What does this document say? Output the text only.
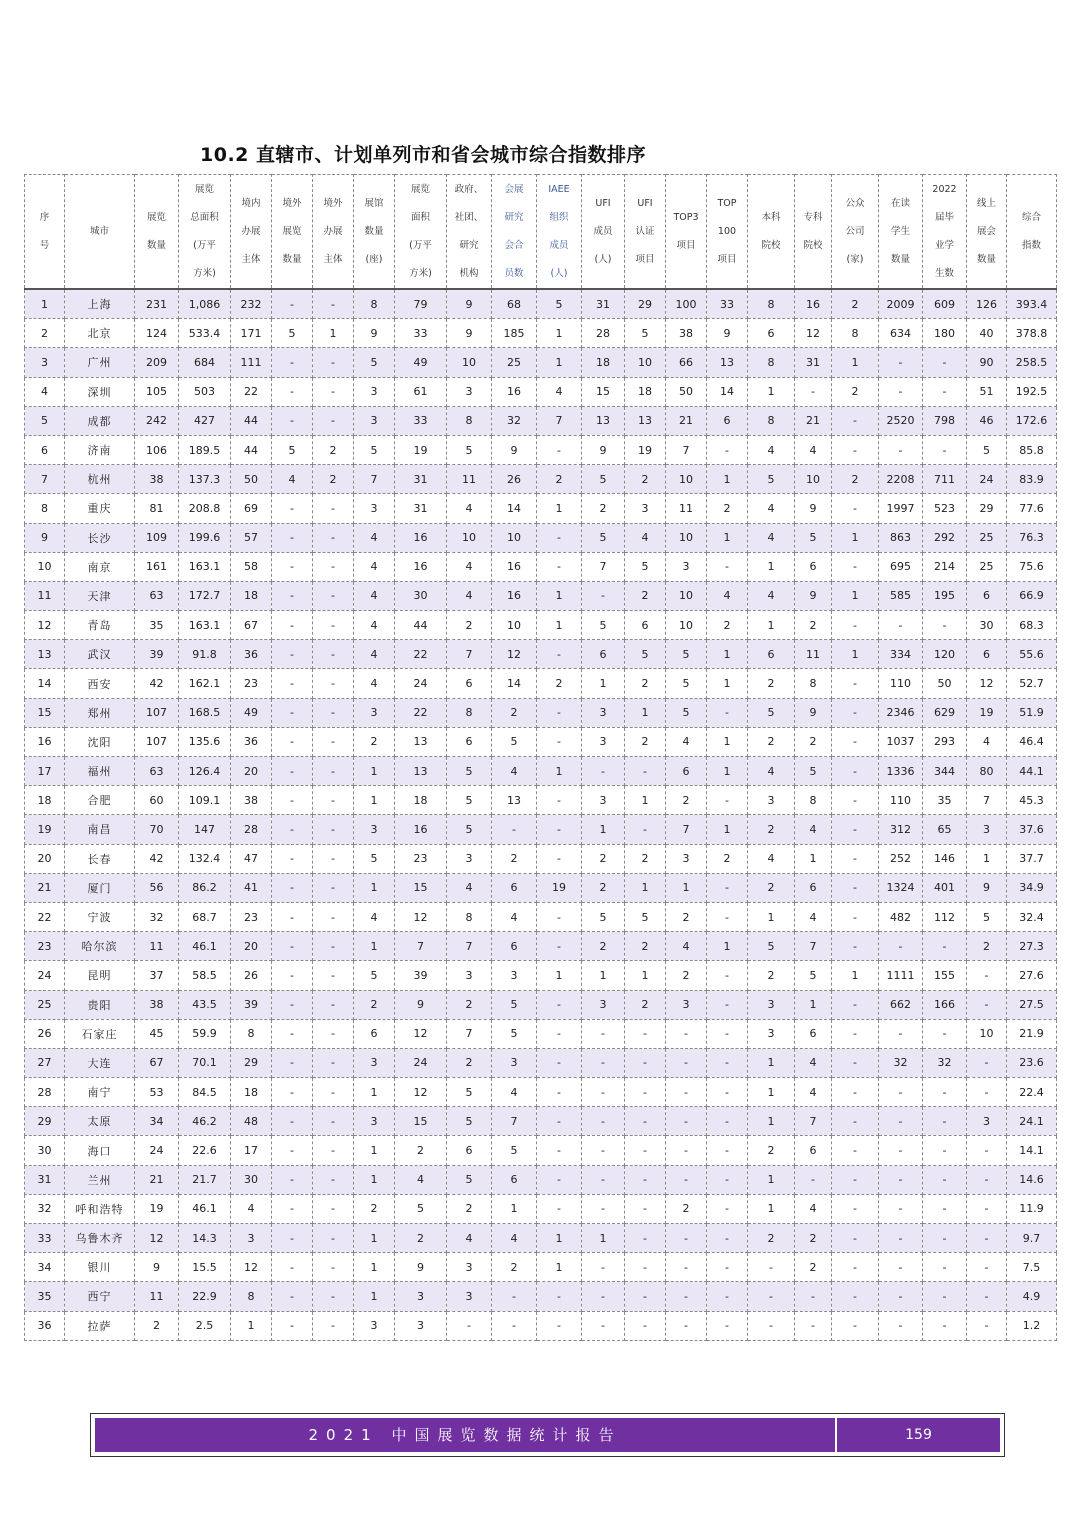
10.2 直辖市、计划单列市和省会城市综合指数排序
序
号	城市	展览
数量	展览
总面积
(万平
方米)	境内
办展
主体	境外
展览
数量	境外
办展
主体	展馆
数量
(座)	展览
面积
(万平
方米)	政府、
社团、
研究
机构	会展
研究
会合
员数	IAEE
组织
成员
(人)	UFI
成员
(人)	UFI
认证
项目	TOP3
项目	TOP
100
项目	本科
院校	专科
院校	公众
公司
(家)	在读
学生
数量	2022
届毕
业学
生数	线上
展会
数量	综合
指数
1	上海	231	1,086	232	-	-	8	79	9	68	5	31	29	100	33	8	16	2	2009	609	126	393.4
2	北京	124	533.4	171	5	1	9	33	9	185	1	28	5	38	9	6	12	8	634	180	40	378.8
3	广州	209	684	111	-	-	5	49	10	25	1	18	10	66	13	8	31	1	-	-	90	258.5
4	深圳	105	503	22	-	-	3	61	3	16	4	15	18	50	14	1	-	2	-	-	51	192.5
5	成都	242	427	44	-	-	3	33	8	32	7	13	13	21	6	8	21	-	2520	798	46	172.6
6	济南	106	189.5	44	5	2	5	19	5	9	-	9	19	7	-	4	4	-	-	-	5	85.8
7	杭州	38	137.3	50	4	2	7	31	11	26	2	5	2	10	1	5	10	2	2208	711	24	83.9
8	重庆	81	208.8	69	-	-	3	31	4	14	1	2	3	11	2	4	9	-	1997	523	29	77.6
9	长沙	109	199.6	57	-	-	4	16	10	10	-	5	4	10	1	4	5	1	863	292	25	76.3
10	南京	161	163.1	58	-	-	4	16	4	16	-	7	5	3	-	1	6	-	695	214	25	75.6
11	天津	63	172.7	18	-	-	4	30	4	16	1	-	2	10	4	4	9	1	585	195	6	66.9
12	青岛	35	163.1	67	-	-	4	44	2	10	1	5	6	10	2	1	2	-	-	-	30	68.3
13	武汉	39	91.8	36	-	-	4	22	7	12	-	6	5	5	1	6	11	1	334	120	6	55.6
14	西安	42	162.1	23	-	-	4	24	6	14	2	1	2	5	1	2	8	-	110	50	12	52.7
15	郑州	107	168.5	49	-	-	3	22	8	2	-	3	1	5	-	5	9	-	2346	629	19	51.9
16	沈阳	107	135.6	36	-	-	2	13	6	5	-	3	2	4	1	2	2	-	1037	293	4	46.4
17	福州	63	126.4	20	-	-	1	13	5	4	1	-	-	6	1	4	5	-	1336	344	80	44.1
18	合肥	60	109.1	38	-	-	1	18	5	13	-	3	1	2	-	3	8	-	110	35	7	45.3
19	南昌	70	147	28	-	-	3	16	5	-	-	1	-	7	1	2	4	-	312	65	3	37.6
20	长春	42	132.4	47	-	-	5	23	3	2	-	2	2	3	2	4	1	-	252	146	1	37.7
21	厦门	56	86.2	41	-	-	1	15	4	6	19	2	1	1	-	2	6	-	1324	401	9	34.9
22	宁波	32	68.7	23	-	-	4	12	8	4	-	5	5	2	-	1	4	-	482	112	5	32.4
23	哈尔滨	11	46.1	20	-	-	1	7	7	6	-	2	2	4	1	5	7	-	-	-	2	27.3
24	昆明	37	58.5	26	-	-	5	39	3	3	1	1	1	2	-	2	5	1	1111	155	-	27.6
25	贵阳	38	43.5	39	-	-	2	9	2	5	-	3	2	3	-	3	1	-	662	166	-	27.5
26	石家庄	45	59.9	8	-	-	6	12	7	5	-	-	-	-	-	3	6	-	-	-	10	21.9
27	大连	67	70.1	29	-	-	3	24	2	3	-	-	-	-	-	1	4	-	32	32	-	23.6
28	南宁	53	84.5	18	-	-	1	12	5	4	-	-	-	-	-	1	4	-	-	-	-	22.4
29	太原	34	46.2	48	-	-	3	15	5	7	-	-	-	-	-	1	7	-	-	-	3	24.1
30	海口	24	22.6	17	-	-	1	2	6	5	-	-	-	-	-	2	6	-	-	-	-	14.1
31	兰州	21	21.7	30	-	-	1	4	5	6	-	-	-	-	-	1	-	-	-	-	-	14.6
32	呼和浩特	19	46.1	4	-	-	2	5	2	1	-	-	-	2	-	1	4	-	-	-	-	11.9
33	乌鲁木齐	12	14.3	3	-	-	1	2	4	4	1	1	-	-	-	2	2	-	-	-	-	9.7
34	银川	9	15.5	12	-	-	1	9	3	2	1	-	-	-	-	-	2	-	-	-	-	7.5
35	西宁	11	22.9	8	-	-	1	3	3	-	-	-	-	-	-	-	-	-	-	-	-	4.9
36	拉萨	2	2.5	1	-	-	3	3	-	-	-	-	-	-	-	-	-	-	-	-	-	1.2
2021 中国展览数据统计报告	159
